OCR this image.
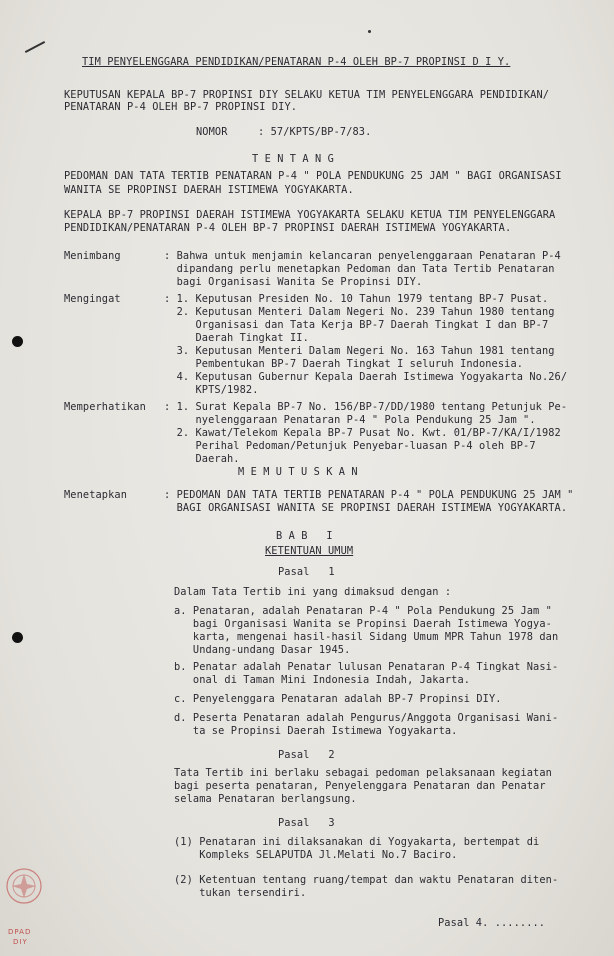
TIM PENYELENGGARA PENDIDIKAN/PENATARAN P-4 OLEH BP-7 PROPINSI D I Y.
KEPUTUSAN KEPALA BP-7 PROPINSI DIY SELAKU KETUA TIM PENYELENGGARA PENDIDIKAN/
PENATARAN P-4 OLEH BP-7 PROPINSI DIY.
NOMOR	: 57/KPTS/BP-7/83.
T E N T A N G
PEDOMAN DAN TATA TERTIB PENATARAN P-4 " POLA PENDUKUNG 25 JAM " BAGI ORGANISASI
WANITA SE PROPINSI DAERAH ISTIMEWA YOGYAKARTA.
KEPALA BP-7 PROPINSI DAERAH ISTIMEWA YOGYAKARTA SELAKU KETUA TIM PENYELENGGARA
PENDIDIKAN/PENATARAN P-4 OLEH BP-7 PROPINSI DAERAH ISTIMEWA YOGYAKARTA.
Menimbang	: Bahwa untuk menjamin kelancaran penyelenggaraan Penataran P-4
dipandang perlu menetapkan Pedoman dan Tata Tertib Penataran
bagi Organisasi Wanita Se Propinsi DIY.
Mengingat	: 1. Keputusan Presiden No. 10 Tahun 1979 tentang BP-7 Pusat.
2. Keputusan Menteri Dalam Negeri No. 239 Tahun 1980 tentang
Organisasi dan Tata Kerja BP-7 Daerah Tingkat I dan BP-7
Daerah Tingkat II.
3. Keputusan Menteri Dalam Negeri No. 163 Tahun 1981 tentang
Pembentukan BP-7 Daerah Tingkat I seluruh Indonesia.
4. Keputusan Gubernur Kepala Daerah Istimewa Yogyakarta No.26/
KPTS/1982.
Memperhatikan : 1. Surat Kepala BP-7 No. 156/BP-7/DD/1980 tentang Petunjuk Pe-
nyelenggaraan Penataran P-4 " Pola Pendukung 25 Jam ".
2. Kawat/Telekom Kepala BP-7 Pusat No. Kwt. 01/BP-7/KA/I/1982
Perihal Pedoman/Petunjuk Penyebar-luasan P-4 oleh BP-7
Daerah.
M E M U T U S K A N
Menetapkan	: PEDOMAN DAN TATA TERTIB PENATARAN P-4 " POLA PENDUKUNG 25 JAM "
BAGI ORGANISASI WANITA SE PROPINSI DAERAH ISTIMEWA YOGYAKARTA.
B A B   I
KETENTUAN UMUM
Pasal   1
Dalam Tata Tertib ini yang dimaksud dengan :
a. Penataran, adalah Penataran P-4 " Pola Pendukung 25 Jam "
bagi Organisasi Wanita se Propinsi Daerah Istimewa Yogya-
karta, mengenai hasil-hasil Sidang Umum MPR Tahun 1978 dan
Undang-undang Dasar 1945.
b. Penatar adalah Penatar lulusan Penataran P-4 Tingkat Nasi-
onal di Taman Mini Indonesia Indah, Jakarta.
c. Penyelenggara Penataran adalah BP-7 Propinsi DIY.
d. Peserta Penataran adalah Pengurus/Anggota Organisasi Wani-
ta se Propinsi Daerah Istimewa Yogyakarta.
Pasal   2
Tata Tertib ini berlaku sebagai pedoman pelaksanaan kegiatan
bagi peserta penataran, Penyelenggara Penataran dan Penatar
selama Penataran berlangsung.
Pasal   3
(1) Penataran ini dilaksanakan di Yogyakarta, bertempat di
Kompleks SELAPUTDA Jl.Melati No.7 Baciro.
(2) Ketentuan tentang ruang/tempat dan waktu Penataran diten-
tukan tersendiri.
Pasal 4. ........
DPAD
DIY
